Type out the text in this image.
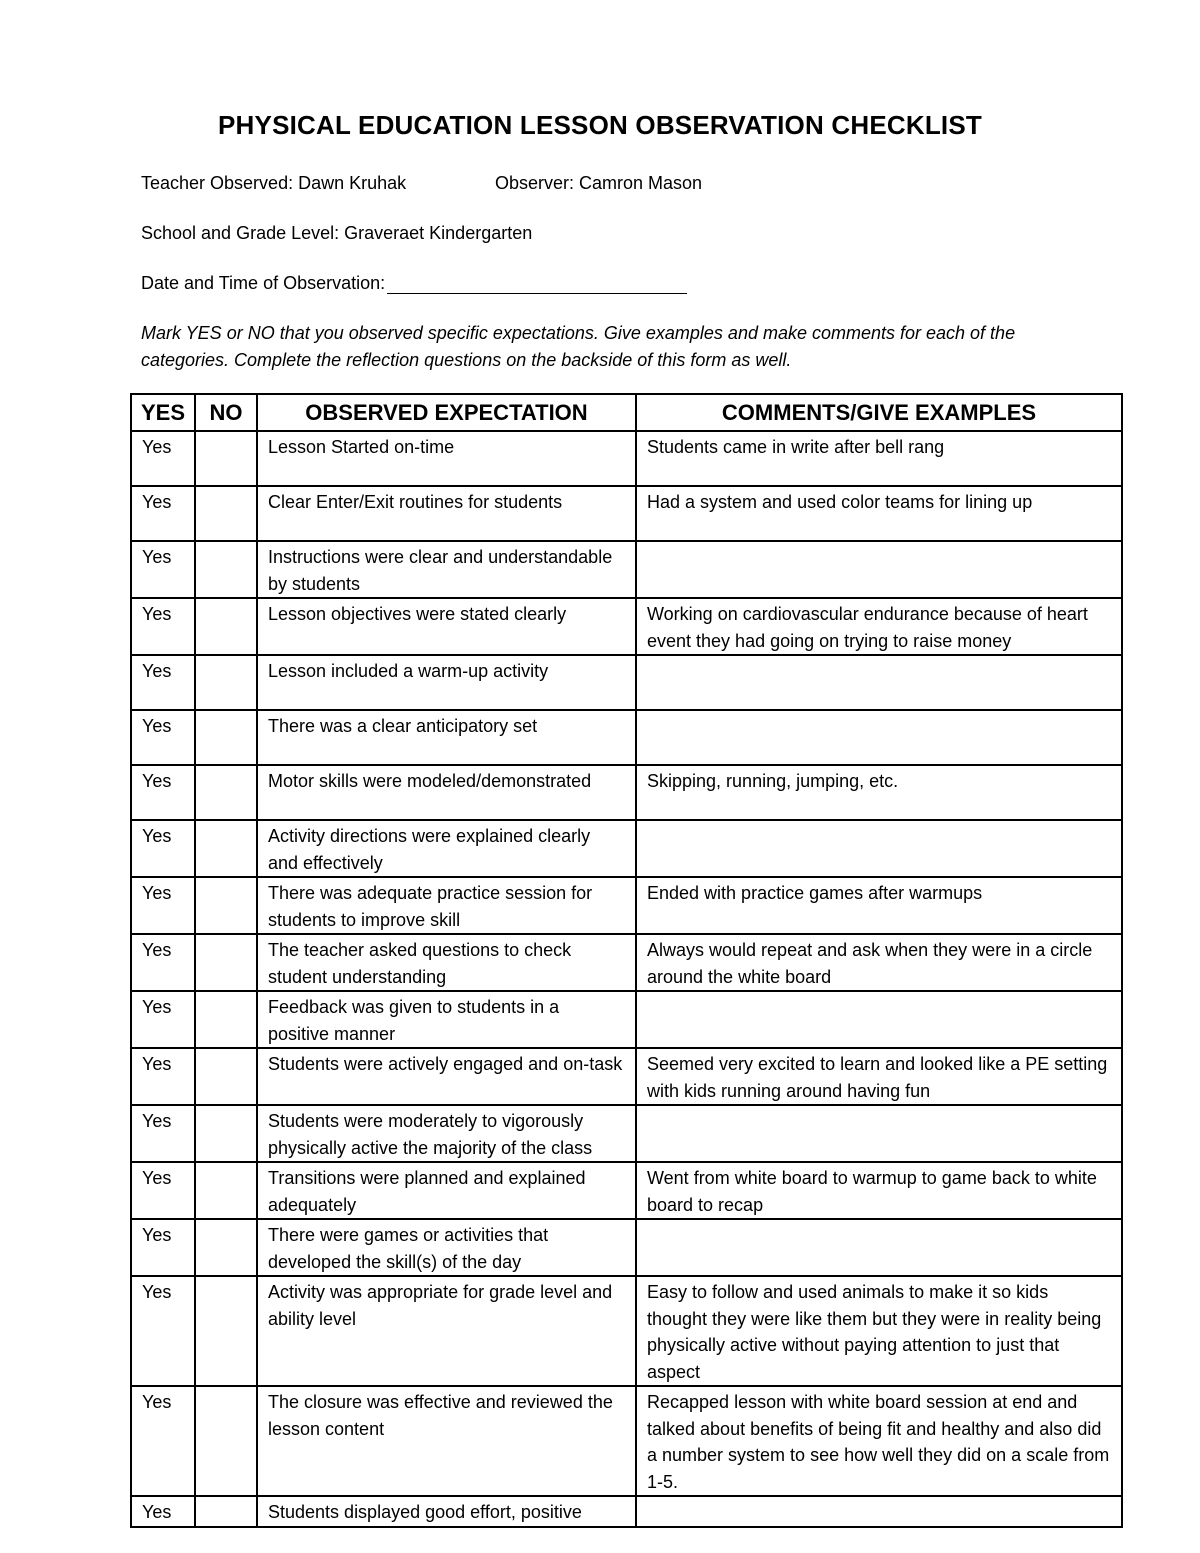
PHYSICAL EDUCATION LESSON OBSERVATION CHECKLIST
Teacher Observed: Dawn Kruhak	Observer: Camron Mason
School and Grade Level: Graveraet Kindergarten
Date and Time of Observation:
Mark YES or NO that you observed specific expectations. Give examples and make comments for each of the categories. Complete the reflection questions on the backside of this form as well.
YES	NO	OBSERVED EXPECTATION	COMMENTS/GIVE EXAMPLES
Yes		Lesson Started on-time	Students came in write after bell rang
Yes		Clear Enter/Exit routines for students	Had a system and used color teams for lining up
Yes		Instructions were clear and understandable by students	
Yes		Lesson objectives were stated clearly	Working on cardiovascular endurance because of heart event they had going on trying to raise money
Yes		Lesson included a warm-up activity	
Yes		There was a clear anticipatory set	
Yes		Motor skills were modeled/demonstrated	Skipping, running, jumping, etc.
Yes		Activity directions were explained clearly and effectively	
Yes		There was adequate practice session for students to improve skill	Ended with practice games after warmups
Yes		The teacher asked questions to check student understanding	Always would repeat and ask when they were in a circle around the white board
Yes		Feedback was given to students in a positive manner	
Yes		Students were actively engaged and on-task	Seemed very excited to learn and looked like a PE setting with kids running around having fun
Yes		Students were moderately to vigorously physically active the majority of the class	
Yes		Transitions were planned and explained adequately	Went from white board to warmup to game back to white board to recap
Yes		There were games or activities that developed the skill(s) of the day	
Yes		Activity was appropriate for grade level and ability level	Easy to follow and used animals to make it so kids thought they were like them but they were in reality being physically active without paying attention to just that aspect
Yes		The closure was effective and reviewed the lesson content	Recapped lesson with white board session at end and talked about benefits of being fit and healthy and also did a number system to see how well they did on a scale from 1-5.
Yes		Students displayed good effort, positive	
